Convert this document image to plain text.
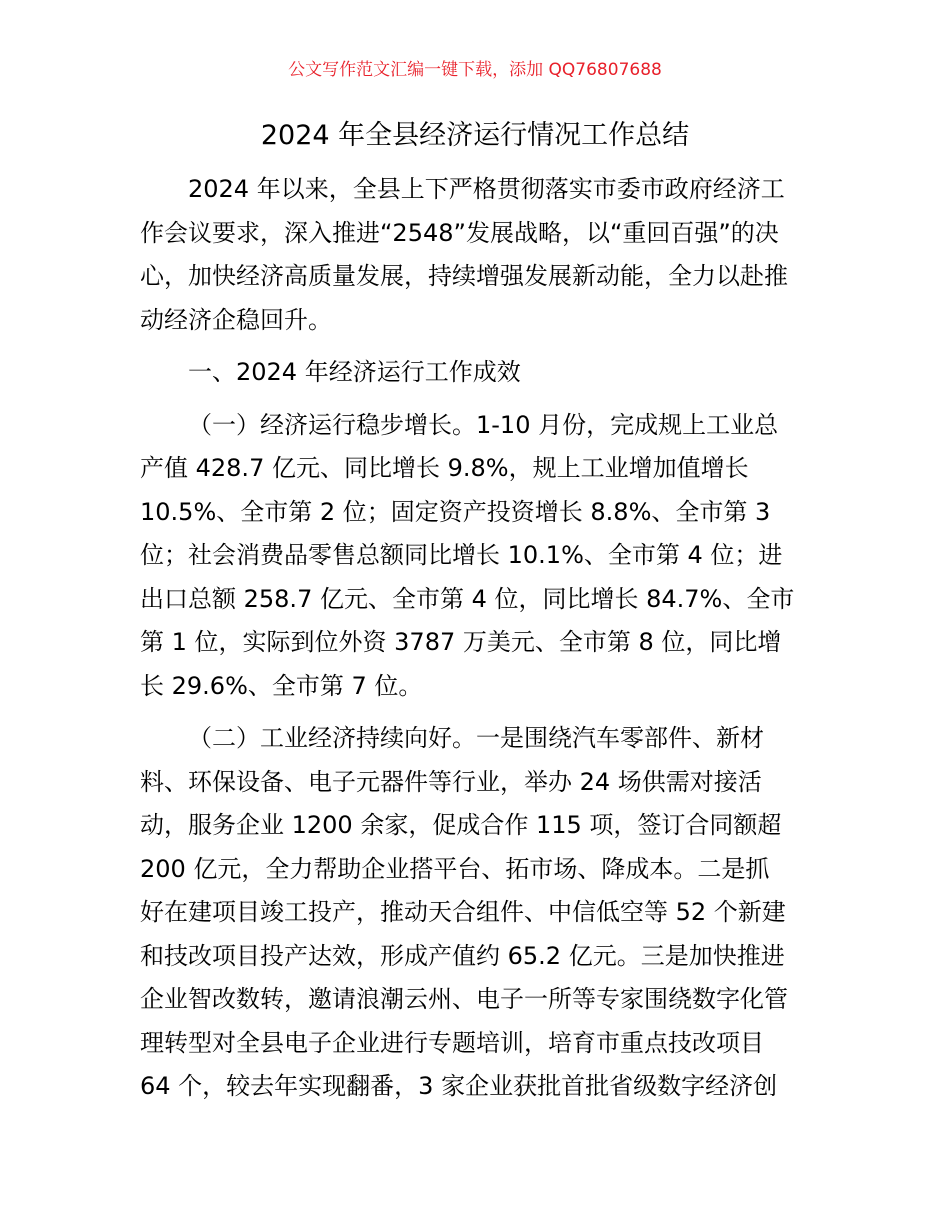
公文写作范文汇编一键下载，添加 QQ76807688
2024 年全县经济运行情况工作总结

2024 年以来，全县上下严格贯彻落实市委市政府经济工
作会议要求，深入推进“2548”发展战略，以“重回百强”的决
心，加快经济高质量发展，持续增强发展新动能，全力以赴推
动经济企稳回升。

一、2024 年经济运行工作成效

（一）经济运行稳步增长。1-10 月份，完成规上工业总
产值 428.7 亿元、同比增长 9.8%，规上工业增加值增长
10.5%、全市第 2 位；固定资产投资增长 8.8%、全市第 3
位；社会消费品零售总额同比增长 10.1%、全市第 4 位；进
出口总额 258.7 亿元、全市第 4 位，同比增长 84.7%、全市
第 1 位，实际到位外资 3787 万美元、全市第 8 位，同比增
长 29.6%、全市第 7 位。

（二）工业经济持续向好。一是围绕汽车零部件、新材
料、环保设备、电子元器件等行业，举办 24 场供需对接活
动，服务企业 1200 余家，促成合作 115 项，签订合同额超
200 亿元，全力帮助企业搭平台、拓市场、降成本。二是抓
好在建项目竣工投产，推动天合组件、中信低空等 52 个新建
和技改项目投产达效，形成产值约 65.2 亿元。三是加快推进
企业智改数转，邀请浪潮云州、电子一所等专家围绕数字化管
理转型对全县电子企业进行专题培训，培育市重点技改项目
64 个，较去年实现翻番，3 家企业获批首批省级数字经济创
